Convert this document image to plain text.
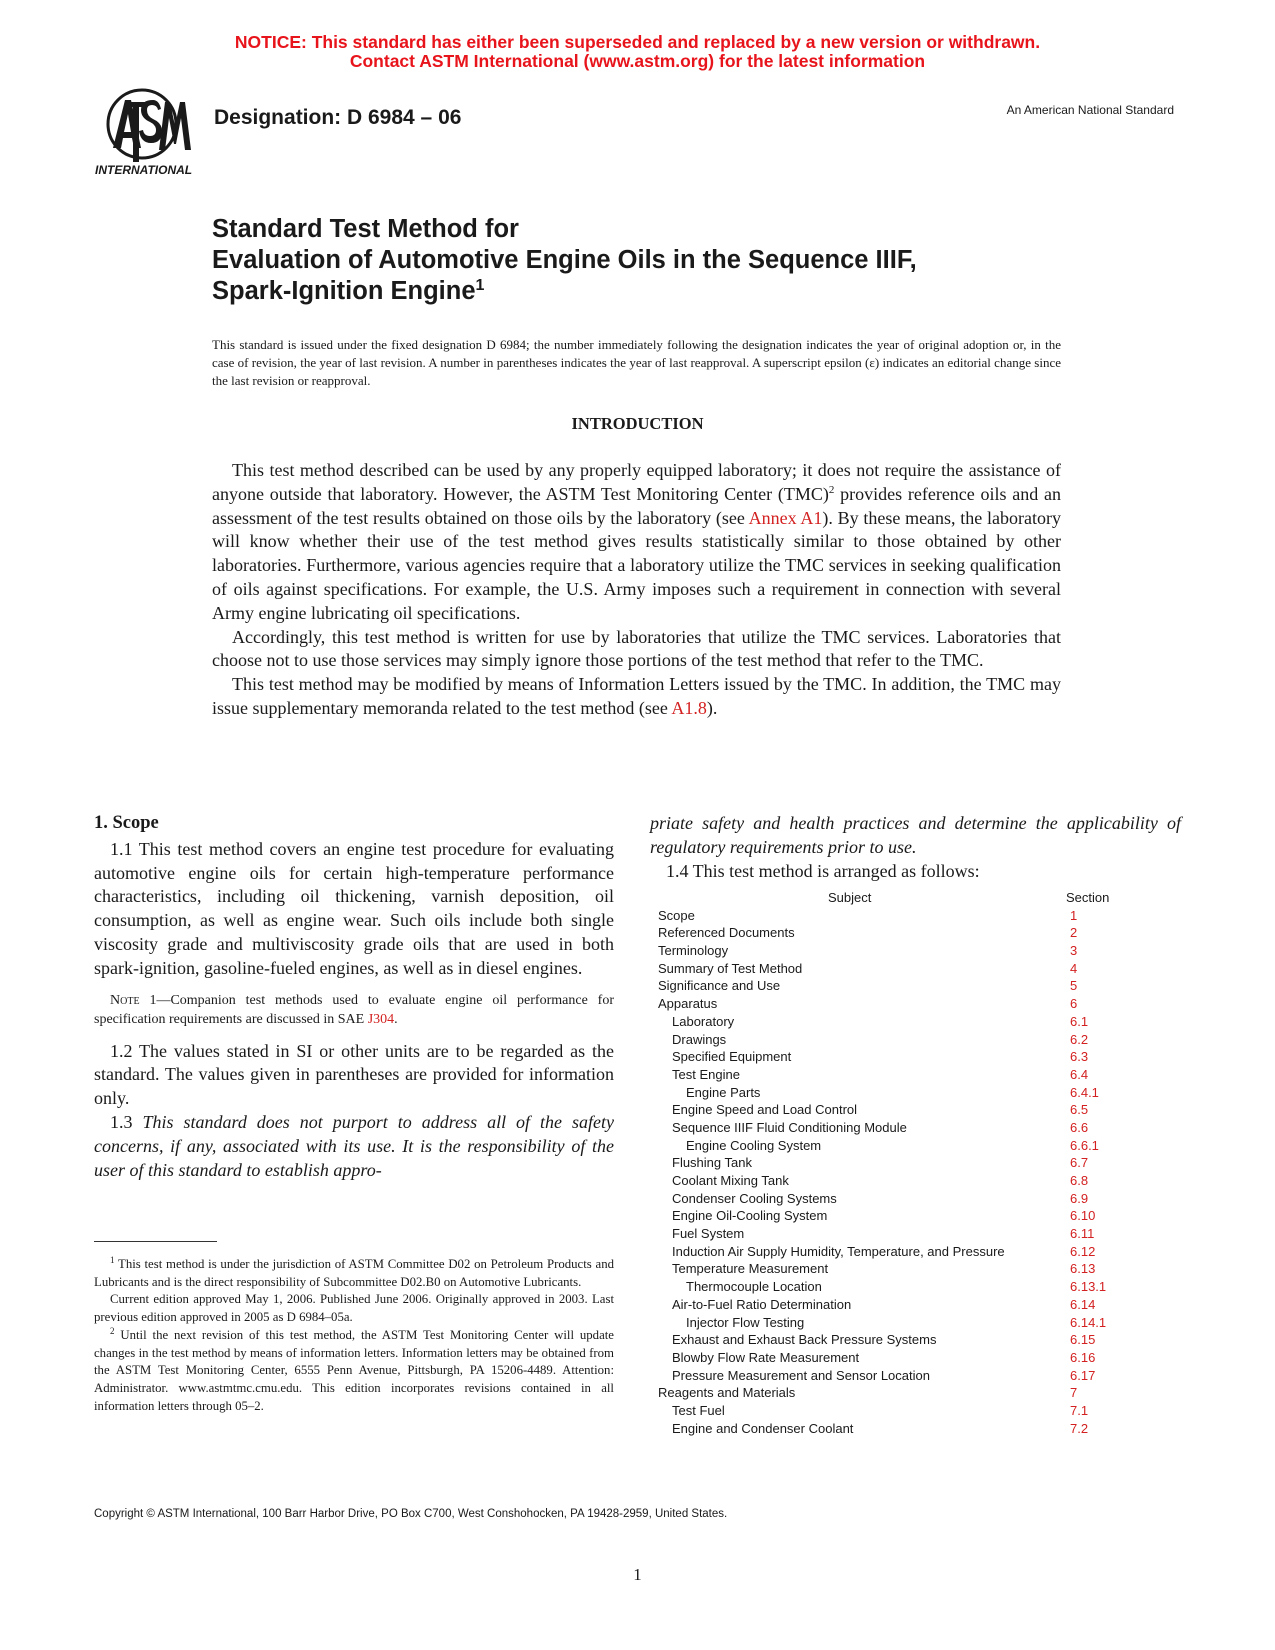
NOTICE: This standard has either been superseded and replaced by a new version or withdrawn.
Contact ASTM International (www.astm.org) for the latest information
INTERNATIONAL
Designation: D 6984 – 06	An American National Standard
Standard Test Method for
Evaluation of Automotive Engine Oils in the Sequence IIIF,
Spark-Ignition Engine$^1$
This standard is issued under the fixed designation D 6984; the number immediately following the designation indicates the year of original adoption or, in the case of revision, the year of last revision. A number in parentheses indicates the year of last reapproval. A superscript epsilon (ε) indicates an editorial change since the last revision or reapproval.
INTRODUCTION

This test method described can be used by any properly equipped laboratory; it does not require the assistance of anyone outside that laboratory. However, the ASTM Test Monitoring Center (TMC)$^2$ provides reference oils and an assessment of the test results obtained on those oils by the laboratory (see Annex A1). By these means, the laboratory will know whether their use of the test method gives results statistically similar to those obtained by other laboratories. Furthermore, various agencies require that a laboratory utilize the TMC services in seeking qualification of oils against specifications. For example, the U.S. Army imposes such a requirement in connection with several Army engine lubricating oil specifications.

Accordingly, this test method is written for use by laboratories that utilize the TMC services. Laboratories that choose not to use those services may simply ignore those portions of the test method that refer to the TMC.

This test method may be modified by means of Information Letters issued by the TMC. In addition, the TMC may issue supplementary memoranda related to the test method (see A1.8).

1. Scope

1.1 This test method covers an engine test procedure for evaluating automotive engine oils for certain high-temperature performance characteristics, including oil thickening, varnish deposition, oil consumption, as well as engine wear. Such oils include both single viscosity grade and multiviscosity grade oils that are used in both spark-ignition, gasoline-fueled engines, as well as in diesel engines.

Note 1—Companion test methods used to evaluate engine oil performance for specification requirements are discussed in SAE J304.

1.2 The values stated in SI or other units are to be regarded as the standard. The values given in parentheses are provided for information only.

1.3 This standard does not purport to address all of the safety concerns, if any, associated with its use. It is the responsibility of the user of this standard to establish appro-

$^1$ This test method is under the jurisdiction of ASTM Committee D02 on Petroleum Products and Lubricants and is the direct responsibility of Subcommittee D02.B0 on Automotive Lubricants.

Current edition approved May 1, 2006. Published June 2006. Originally approved in 2003. Last previous edition approved in 2005 as D 6984–05a.

$^2$ Until the next revision of this test method, the ASTM Test Monitoring Center will update changes in the test method by means of information letters. Information letters may be obtained from the ASTM Test Monitoring Center, 6555 Penn Avenue, Pittsburgh, PA 15206-4489. Attention: Administrator. www.astmtmc.cmu.edu. This edition incorporates revisions contained in all information letters through 05–2.

priate safety and health practices and determine the applicability of regulatory requirements prior to use.

1.4 This test method is arranged as follows:

Subject	Section
Scope	1
Referenced Documents	2
Terminology	3
Summary of Test Method	4
Significance and Use	5
Apparatus	6
Laboratory	6.1
Drawings	6.2
Specified Equipment	6.3
Test Engine	6.4
Engine Parts	6.4.1
Engine Speed and Load Control	6.5
Sequence IIIF Fluid Conditioning Module	6.6
Engine Cooling System	6.6.1
Flushing Tank	6.7
Coolant Mixing Tank	6.8
Condenser Cooling Systems	6.9
Engine Oil-Cooling System	6.10
Fuel System	6.11
Induction Air Supply Humidity, Temperature, and Pressure	6.12
Temperature Measurement	6.13
Thermocouple Location	6.13.1
Air-to-Fuel Ratio Determination	6.14
Injector Flow Testing	6.14.1
Exhaust and Exhaust Back Pressure Systems	6.15
Blowby Flow Rate Measurement	6.16
Pressure Measurement and Sensor Location	6.17
Reagents and Materials	7
Test Fuel	7.1
Engine and Condenser Coolant	7.2
Copyright © ASTM International, 100 Barr Harbor Drive, PO Box C700, West Conshohocken, PA 19428-2959, United States.
1
